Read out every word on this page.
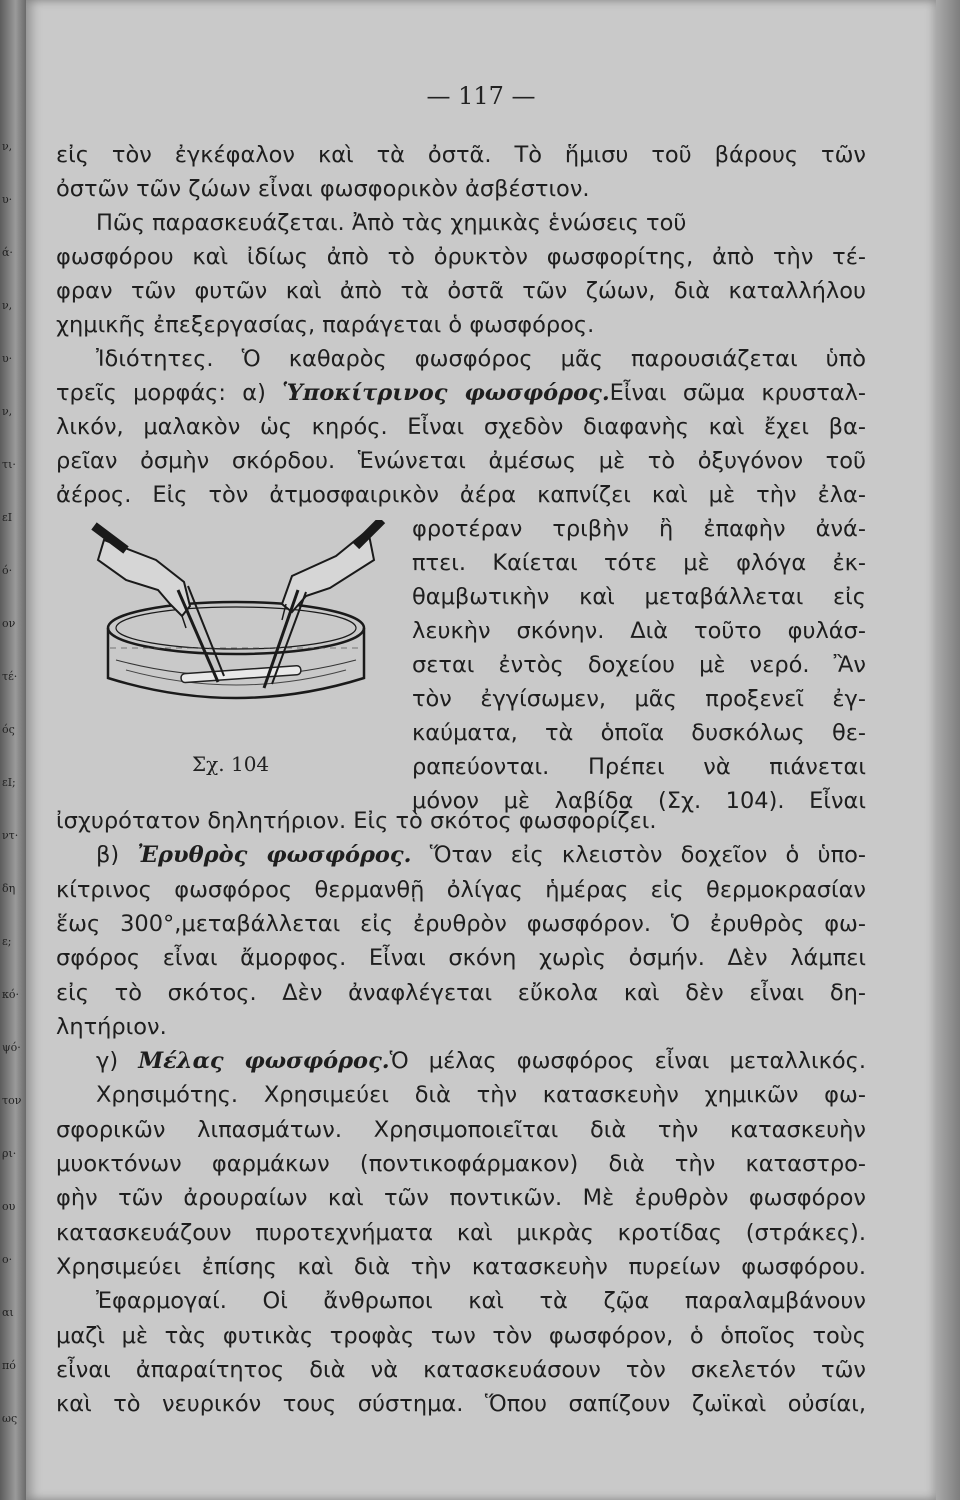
ν,
υ·
ά·
ν,
υ·
ν,
τι·
εΙ
ό·
ον
τέ·
ός
εΙ;
ντ·
δη
ε;
κό·
ψό·
τον
ρι·
ου
ο·
αι
πό
ως
— 117 —
Σχ. 104
εἰς τὸν ἐγκέφαλον καὶ τὰ ὀστᾶ. Τὸ ἥμισυ τοῦ βάρους τῶν
ὀστῶν τῶν ζώων εἶναι φωσφορικὸν ἀσβέστιον.
Πῶς παρασκευάζεται. Ἀπὸ τὰς χημικὰς ἑνώσεις τοῦ
φωσφόρου καὶ ἰδίως ἀπὸ τὸ ὀρυκτὸν φωσφορίτης, ἀπὸ τὴν τέ-
φραν τῶν φυτῶν καὶ ἀπὸ τὰ ὀστᾶ τῶν ζώων, διὰ καταλλήλου
χημικῆς ἐπεξεργασίας, παράγεται ὁ φωσφόρος.
Ἰδιότητες. Ὁ καθαρὸς φωσφόρος μᾶς παρουσιάζεται ὑπὸ
τρεῖς μορφάς: α) Ὑποκίτρινος φωσφόρος.Εἶναι σῶμα κρυσταλ-
λικόν, μαλακὸν ὡς κηρός. Εἶναι σχεδὸν διαφανὴς καὶ ἔχει βα-
ρεῖαν ὀσμὴν σκόρδου. Ἑνώνεται ἀμέσως μὲ τὸ ὀξυγόνον τοῦ
ἀέρος. Εἰς τὸν ἀτμοσφαιρικὸν ἀέρα καπνίζει καὶ μὲ τὴν ἐλα-
φροτέραν τριβὴν ἢ ἐπαφὴν ἀνά-
πτει. Καίεται τότε μὲ φλόγα ἐκ-
θαμβωτικὴν καὶ μεταβάλλεται εἰς
λευκὴν σκόνην. Διὰ τοῦτο φυλάσ-
σεται ἐντὸς δοχείου μὲ νερό. Ἂν
τὸν ἐγγίσωμεν, μᾶς προξενεῖ ἐγ-
καύματα, τὰ ὁποῖα δυσκόλως θε-
ραπεύονται. Πρέπει νὰ πιάνεται
μόνον μὲ λαβίδα (Σχ. 104). Εἶναι
ἰσχυρότατον δηλητήριον. Εἰς τὸ σκότος φωσφορίζει.
β) Ἐρυθρὸς φωσφόρος. Ὅταν εἰς κλειστὸν δοχεῖον ὁ ὑπο-
κίτρινος φωσφόρος θερμανθῇ ὀλίγας ἡμέρας εἰς θερμοκρασίαν
ἕως 300°,μεταβάλλεται εἰς ἐρυθρὸν φωσφόρον. Ὁ ἐρυθρὸς φω-
σφόρος εἶναι ἄμορφος. Εἶναι σκόνη χωρὶς ὀσμήν. Δὲν λάμπει
εἰς τὸ σκότος. Δὲν ἀναφλέγεται εὔκολα καὶ δὲν εἶναι δη-
λητήριον.
γ) Μέλας φωσφόρος.Ὁ μέλας φωσφόρος εἶναι μεταλλικός.
Χρησιμότης. Χρησιμεύει διὰ τὴν κατασκευὴν χημικῶν φω-
σφορικῶν λιπασμάτων. Χρησιμοποιεῖται διὰ τὴν κατασκευὴν
μυοκτόνων φαρμάκων (ποντικοφάρμακον) διὰ τὴν καταστρο-
φὴν τῶν ἀρουραίων καὶ τῶν ποντικῶν. Μὲ ἐρυθρὸν φωσφόρον
κατασκευάζουν πυροτεχνήματα καὶ μικρὰς κροτίδας (στράκες).
Χρησιμεύει ἐπίσης καὶ διὰ τὴν κατασκευὴν πυρείων φωσφόρου.
Ἐφαρμογαί. Οἱ ἄνθρωποι καὶ τὰ ζῷα παραλαμβάνουν
μαζὶ μὲ τὰς φυτικὰς τροφὰς των τὸν φωσφόρον, ὁ ὁποῖος τοὺς
εἶναι ἀπαραίτητος διὰ νὰ κατασκευάσουν τὸν σκελετόν τῶν
καὶ τὸ νευρικόν τους σύστημα. Ὅπου σαπίζουν ζωϊκαὶ οὐσίαι,
